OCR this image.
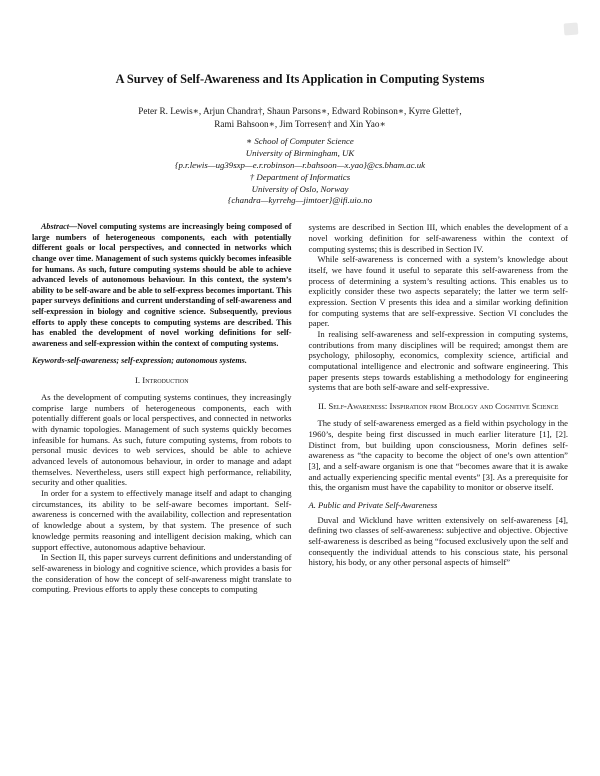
A Survey of Self-Awareness and Its Application in Computing Systems
Peter R. Lewis∗, Arjun Chandra†, Shaun Parsons∗, Edward Robinson∗, Kyrre Glette†,
Rami Bahsoon∗, Jim Torresen† and Xin Yao∗
∗ School of Computer Science
University of Birmingham, UK
{p.r.lewis—ug39sxp—e.r.robinson—r.bahsoon—x.yao}@cs.bham.ac.uk
† Department of Informatics
University of Oslo, Norway
{chandra—kyrrehg—jimtoer}@ifi.uio.no

Abstract—Novel computing systems are increasingly being composed of large numbers of heterogeneous components, each with potentially different goals or local perspectives, and connected in networks which change over time. Management of such systems quickly becomes infeasible for humans. As such, future computing systems should be able to achieve advanced levels of autonomous behaviour. In this context, the system’s ability to be self-aware and be able to self-express becomes important. This paper surveys definitions and current understanding of self-awareness and self-expression in biology and cognitive science. Subsequently, previous efforts to apply these concepts to computing systems are described. This has enabled the development of novel working definitions for self-awareness and self-expression within the context of computing systems.

Keywords-self-awareness; self-expression; autonomous systems.

I. Introduction

As the development of computing systems continues, they increasingly comprise large numbers of heterogeneous components, each with potentially different goals or local perspectives, and connected in networks with dynamic topologies. Management of such systems quickly becomes infeasible for humans. As such, future computing systems, from robots to personal music devices to web services, should be able to achieve advanced levels of autonomous behaviour, in order to manage and adapt themselves. Nevertheless, users still expect high performance, reliability, security and other qualities.

In order for a system to effectively manage itself and adapt to changing circumstances, its ability to be self-aware becomes important. Self-awareness is concerned with the availability, collection and representation of knowledge about a system, by that system. The presence of such knowledge permits reasoning and intelligent decision making, which can support effective, autonomous adaptive behaviour.

In Section II, this paper surveys current definitions and understanding of self-awareness in biology and cognitive science, which provides a basis for the consideration of how the concept of self-awareness might translate to computing. Previous efforts to apply these concepts to computing

systems are described in Section III, which enables the development of a novel working definition for self-awareness within the context of computing systems; this is described in Section IV.

While self-awareness is concerned with a system’s knowledge about itself, we have found it useful to separate this self-awareness from the process of determining a system’s resulting actions. This enables us to explicitly consider these two aspects separately; the latter we term self-expression. Section V presents this idea and a similar working definition for computing systems that are self-expressive. Section VI concludes the paper.

In realising self-awareness and self-expression in computing systems, contributions from many disciplines will be required; amongst them are psychology, philosophy, economics, complexity science, artificial and computational intelligence and electronic and software engineering. This paper presents steps towards establishing a methodology for engineering systems that are both self-aware and self-expressive.

II. Self-Awareness: Inspiration from Biology and Cognitive Science

The study of self-awareness emerged as a field within psychology in the 1960’s, despite being first discussed in much earlier literature [1], [2]. Distinct from, but building upon consciousness, Morin defines self-awareness as “the capacity to become the object of one’s own attention” [3], and a self-aware organism is one that “becomes aware that it is awake and actually experiencing specific mental events” [3]. As a prerequisite for this, the organism must have the capability to monitor or observe itself.

A. Public and Private Self-Awareness

Duval and Wicklund have written extensively on self-awareness [4], defining two classes of self-awareness: subjective and objective. Objective self-awareness is described as being “focused exclusively upon the self and consequently the individual attends to his conscious state, his personal history, his body, or any other personal aspects of himself”
